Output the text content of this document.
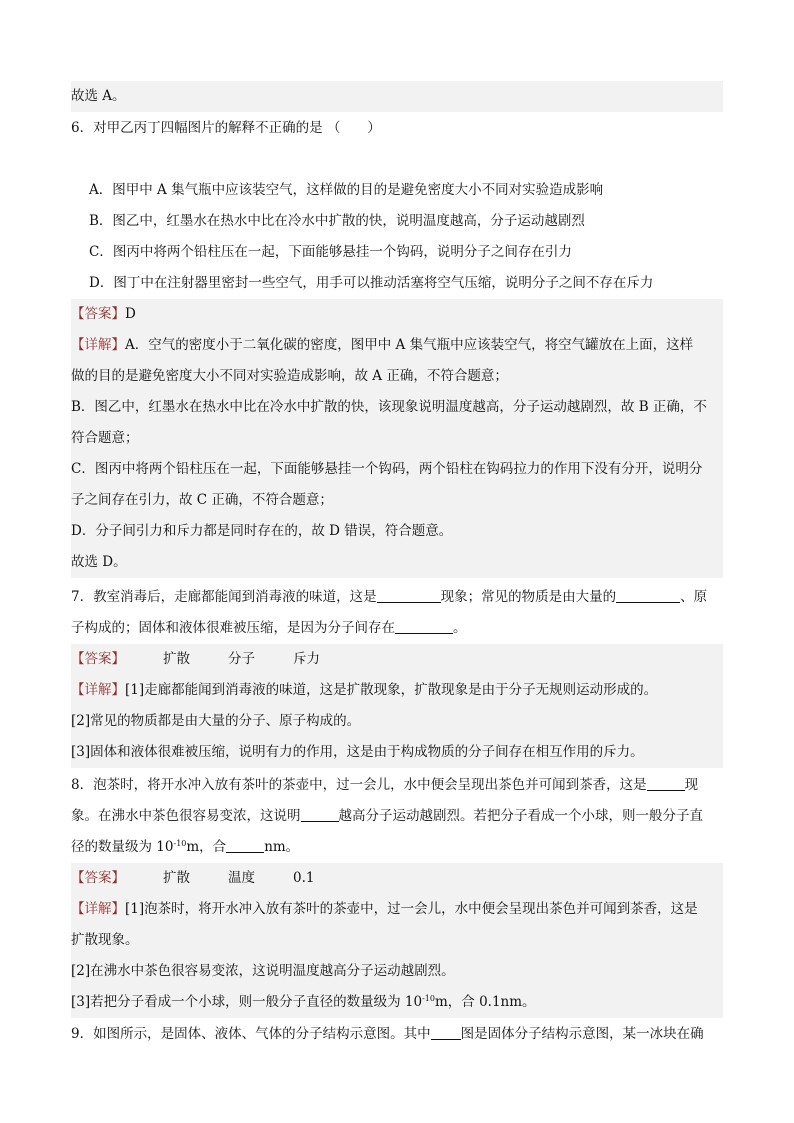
故选 A。
6．对甲乙丙丁四幅图片的解释不正确的是 （　　）
A．图甲中 A 集气瓶中应该装空气，这样做的目的是避免密度大小不同对实验造成影响
B．图乙中，红墨水在热水中比在冷水中扩散的快，说明温度越高，分子运动越剧烈
C．图丙中将两个铅柱压在一起，下面能够悬挂一个钩码，说明分子之间存在引力
D．图丁中在注射器里密封一些空气，用手可以推动活塞将空气压缩，说明分子之间不存在斥力
【答案】D
【详解】A．空气的密度小于二氧化碳的密度，图甲中 A 集气瓶中应该装空气，将空气罐放在上面，这样
做的目的是避免密度大小不同对实验造成影响，故 A 正确，不符合题意；
B．图乙中，红墨水在热水中比在冷水中扩散的快，该现象说明温度越高，分子运动越剧烈，故 B 正确，不
符合题意；
C．图丙中将两个铅柱压在一起，下面能够悬挂一个钩码，两个铅柱在钩码拉力的作用下没有分开，说明分
子之间存在引力，故 C 正确，不符合题意；
D．分子间引力和斥力都是同时存在的，故 D 错误，符合题意。
故选 D。
7．教室消毒后，走廊都能闻到消毒液的味道，这是	现象；常见的物质是由大量的	、原
子构成的；固体和液体很难被压缩，是因为分子间存在	。
【答案】	扩散	分子	斥力
【详解】[1]走廊都能闻到消毒液的味道，这是扩散现象，扩散现象是由于分子无规则运动形成的。
[2]常见的物质都是由大量的分子、原子构成的。
[3]固体和液体很难被压缩，说明有力的作用，这是由于构成物质的分子间存在相互作用的斥力。
8．泡茶时，将开水冲入放有茶叶的茶壶中，过一会儿，水中便会呈现出茶色并可闻到茶香，这是	现
象。在沸水中茶色很容易变浓，这说明	越高分子运动越剧烈。若把分子看成一个小球，则一般分子直
径的数量级为 $10^{-10}m$，合	nm。
【答案】	扩散	温度	0.1
【详解】[1]泡茶时，将开水冲入放有茶叶的茶壶中，过一会儿，水中便会呈现出茶色并可闻到茶香，这是
扩散现象。
[2]在沸水中茶色很容易变浓，这说明温度越高分子运动越剧烈。
[3]若把分子看成一个小球，则一般分子直径的数量级为 $10^{-10}m$，合 0.1nm。
9．如图所示，是固体、液体、气体的分子结构示意图。其中 图是固体分子结构示意图，某一冰块在确
